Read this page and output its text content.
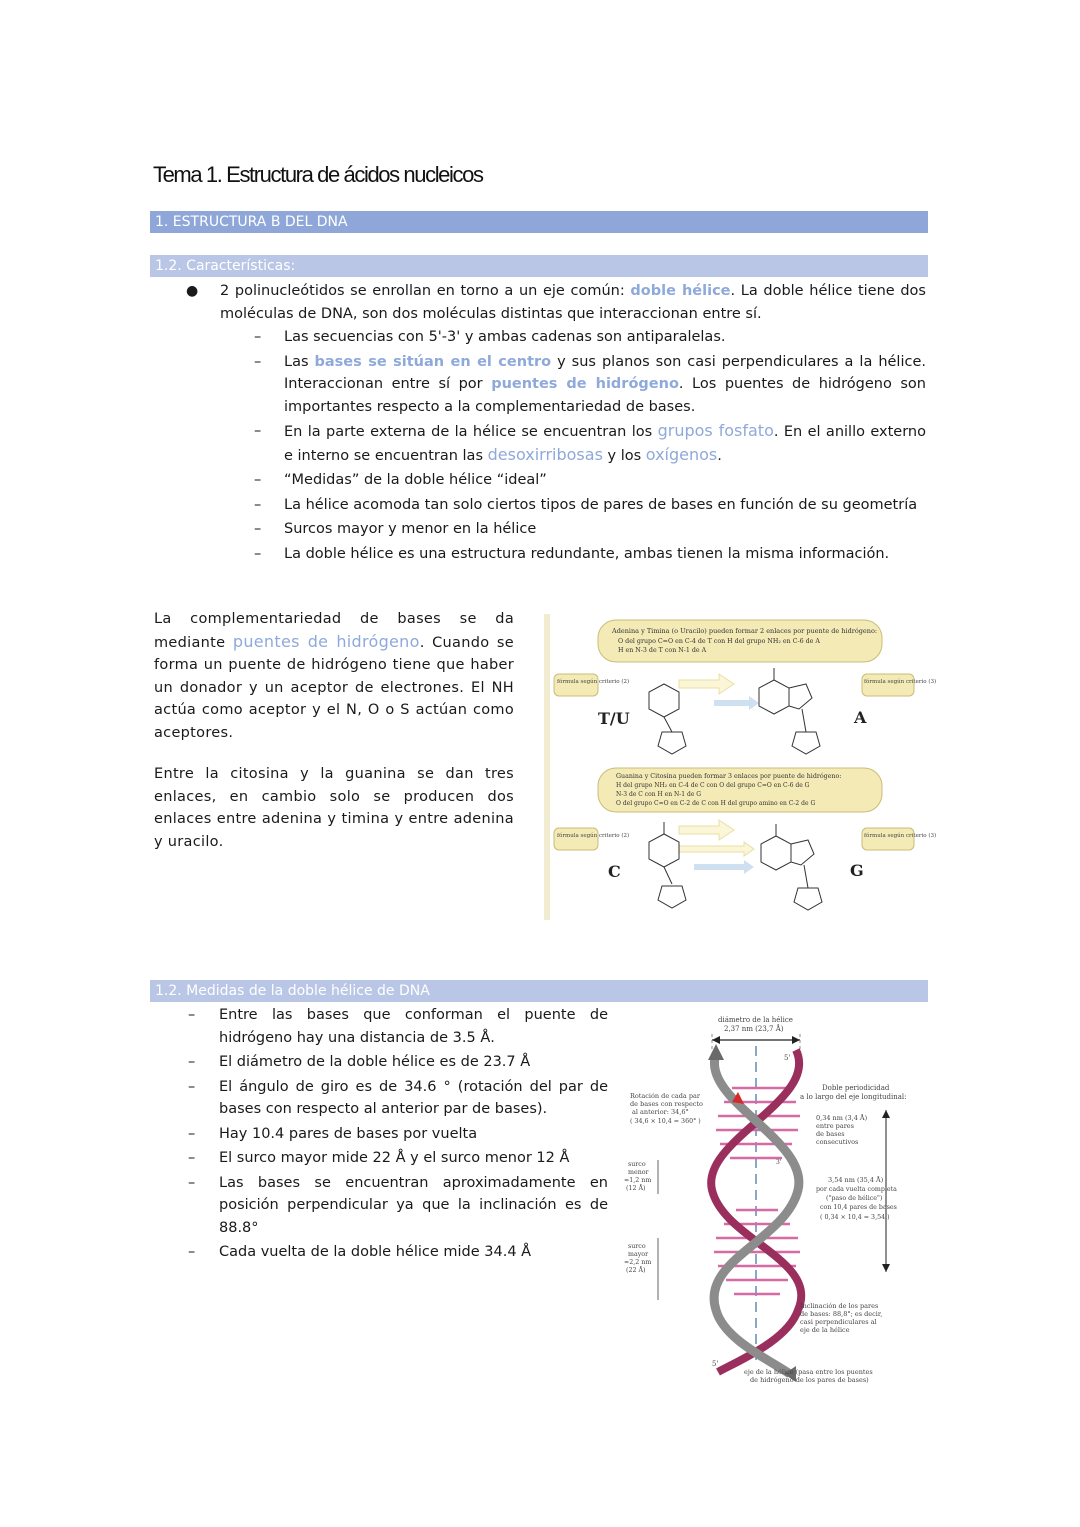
Tema 1. Estructura de ácidos nucleicos
1. ESTRUCTURA B DEL DNA
1.2. Características:
● 2 polinucleótidos se enrollan en torno a un eje común: doble hélice. La doble hélice tiene dos moléculas de DNA, son dos moléculas distintas que interaccionan entre sí.
– Las secuencias con 5'-3' y ambas cadenas son antiparalelas.
– Las bases se sitúan en el centro y sus planos son casi perpendiculares a la hélice. Interaccionan entre sí por puentes de hidrógeno. Los puentes de hidrógeno son importantes respecto a la complementariedad de bases.
– En la parte externa de la hélice se encuentran los grupos fosfato. En el anillo externo e interno se encuentran las desoxirribosas y los oxígenos.
– “Medidas” de la doble hélice “ideal”
– La hélice acomoda tan solo ciertos tipos de pares de bases en función de su geometría
– Surcos mayor y menor en la hélice
– La doble hélice es una estructura redundante, ambas tienen la misma información.
La complementariedad de bases se da mediante puentes de hidrógeno. Cuando se forma un puente de hidrógeno tiene que haber un donador y un aceptor de electrones. El NH actúa como aceptor y el N, O o S actúan como aceptores.
Entre la citosina y la guanina se dan tres enlaces, en cambio solo se producen dos enlaces entre adenina y timina y entre adenina y uracilo.
Adenina y Timina (o Uracilo) pueden formar 2 enlaces por puente de hidrógeno:
O del grupo C=O en C-4 de T con H del grupo NH₂ en C-6 de A
H en N-3 de T con N-1 de A
fórmula según criterio (2)	fórmula según criterio (3)
T/U	A
Guanina y Citosina pueden formar 3 enlaces por puente de hidrógeno:
H del grupo NH₂ en C-4 de C con O del grupo C=O en C-6 de G
N-3 de C con H en N-1 de G
O del grupo C=O en C-2 de C con H del grupo amino en C-2 de G
fórmula según criterio (2)	fórmula según criterio (3)
C	G
1.2. Medidas de la doble hélice de DNA
– Entre las bases que conforman el puente de hidrógeno hay una distancia de 3.5 Å.
– El diámetro de la doble hélice es de 23.7 Å
– El ángulo de giro es de 34.6 ° (rotación del par de bases con respecto al anterior par de bases).
– Hay 10.4 pares de bases por vuelta
– El surco mayor mide 22 Å y el surco menor 12 Å
– Las bases se encuentran aproximadamente en posición perpendicular ya que la inclinación es de 88.8°
– Cada vuelta de la doble hélice mide 34.4 Å
diámetro de la hélice
2,37 nm (23,7 Å)
5'
5'
3'
Rotación de cada par
de bases con respecto
al anterior: 34,6°
( 34,6 × 10,4 = 360° )
Doble periodicidad
a lo largo del eje longitudinal:
0,34 nm (3,4 Å)
entre pares
de bases
consecutivos
3,54 nm (35,4 Å)
por cada vuelta completa
("paso de hélice")
con 10,4 pares de bases
( 0,34 × 10,4 = 3,54 )
surco
menor
≈1,2 nm
(12 Å)
surco
mayor
≈2,2 nm
(22 Å)
Inclinación de los pares
de bases: 88,8°; es decir,
casi perpendiculares al
eje de la hélice
eje de la hélice (pasa entre los puentes
de hidrógeno de los pares de bases)
